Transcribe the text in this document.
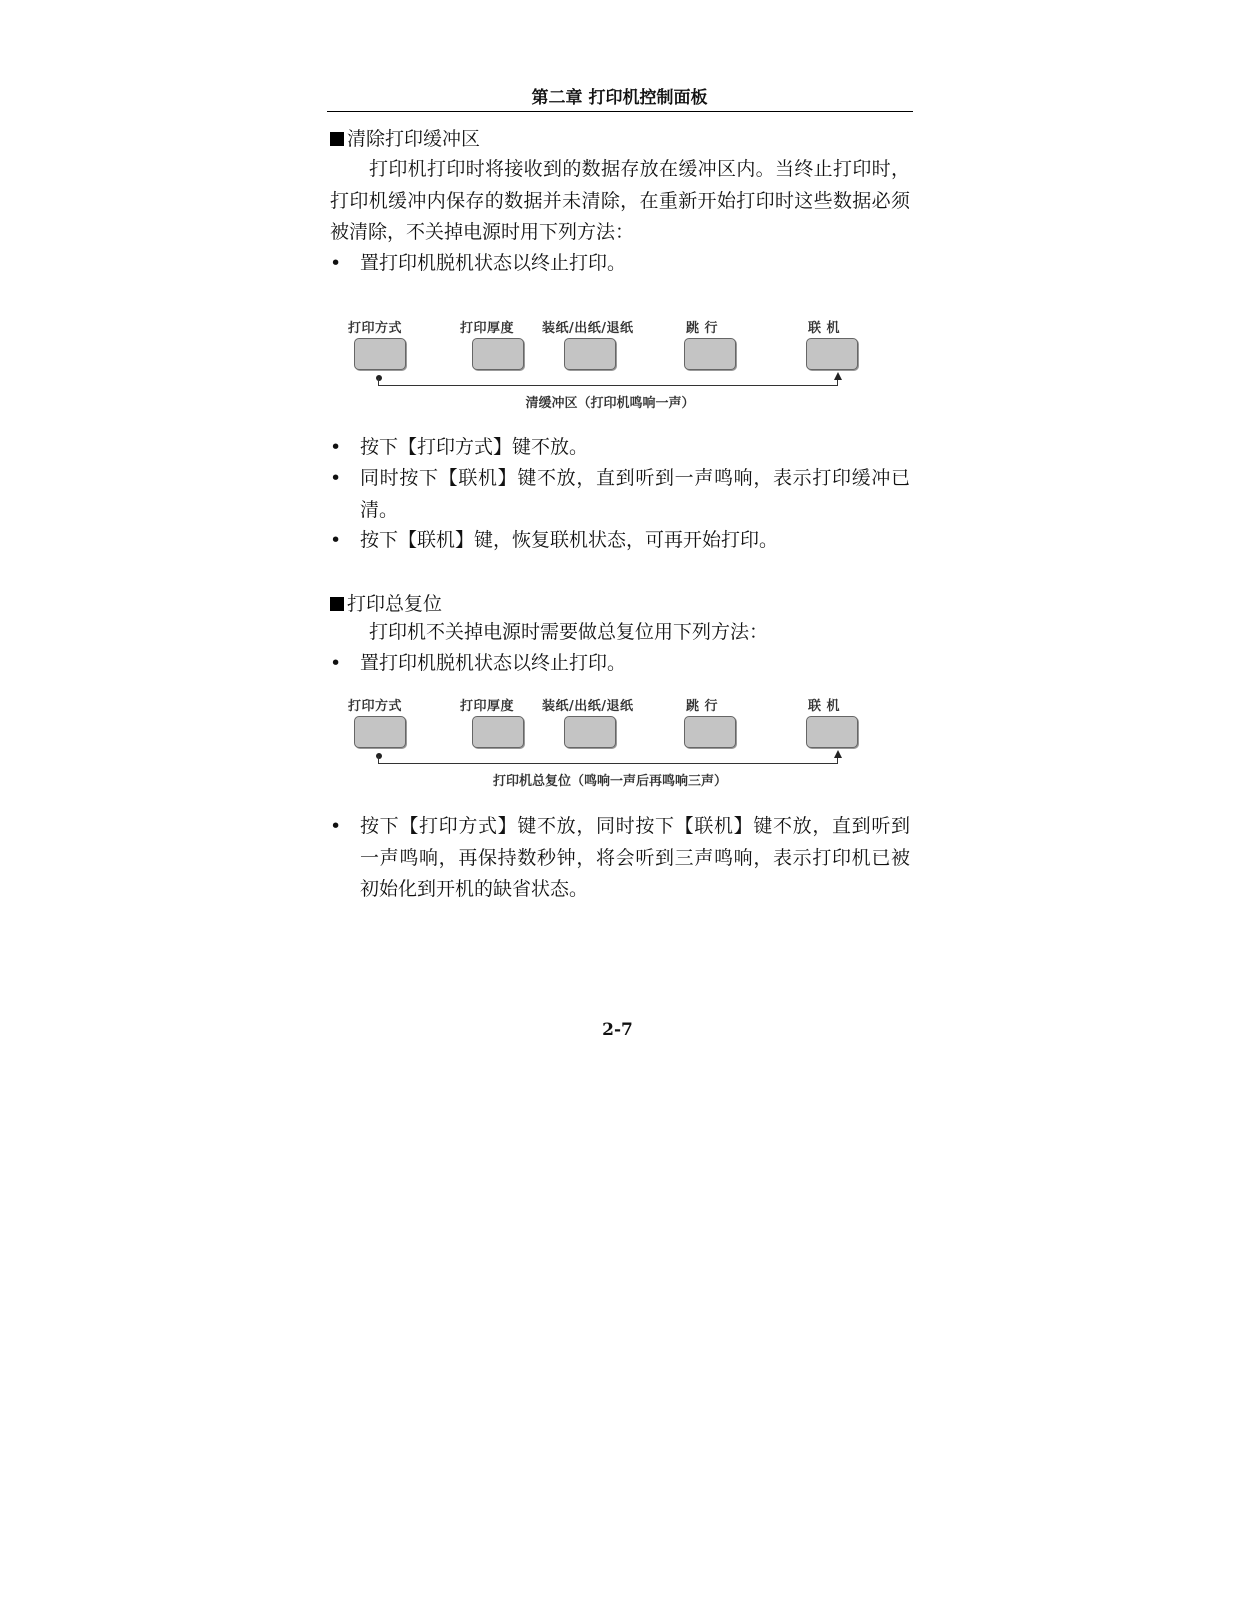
第二章 打印机控制面板
清除打印缓冲区
打印机打印时将接收到的数据存放在缓冲区内。当终止打印时，打印机缓冲内保存的数据并未清除，在重新开始打印时这些数据必须被清除，不关掉电源时用下列方法：
• 置打印机脱机状态以终止打印。
打印方式	打印厚度 装纸/出纸/退纸	跳 行	联 机
清缓冲区（打印机鸣响一声）
• 按下【打印方式】键不放。
• 同时按下【联机】键不放，直到听到一声鸣响，表示打印缓冲已清。
• 按下【联机】键，恢复联机状态，可再开始打印。
打印总复位
打印机不关掉电源时需要做总复位用下列方法：
• 置打印机脱机状态以终止打印。
打印方式	打印厚度 装纸/出纸/退纸	跳 行	联 机
打印机总复位（鸣响一声后再鸣响三声）
• 按下【打印方式】键不放，同时按下【联机】键不放，直到听到一声鸣响，再保持数秒钟，将会听到三声鸣响，表示打印机已被初始化到开机的缺省状态。
2-7
